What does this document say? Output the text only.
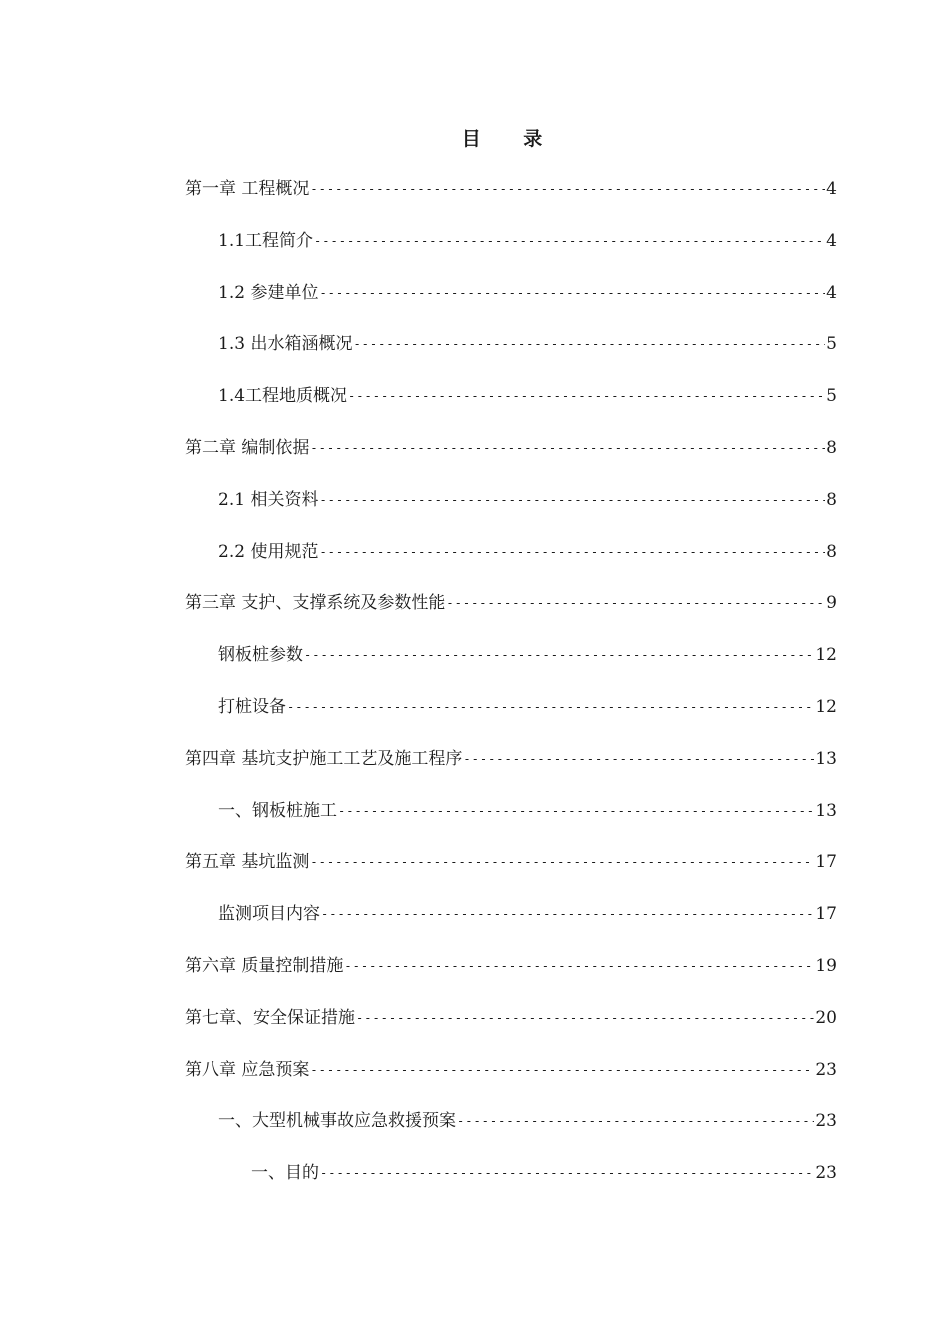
目 录
第一章 工程概况 -----	4
1.1工程简介 -----	4
1.2 参建单位 -----	4
1.3 出水箱涵概况 -----	5
1.4工程地质概况 -----	5
第二章 编制依据 -----	8
2.1 相关资料 -----	8
2.2 使用规范 -----	8
第三章 支护、支撑系统及参数性能 -----	9
钢板桩参数 -----	12
打桩设备 -----	12
第四章 基坑支护施工工艺及施工程序 -----	13
一、钢板桩施工 -----	13
第五章 基坑监测 -----	17
监测项目内容 -----	17
第六章 质量控制措施 -----	19
第七章、安全保证措施 -----	20
第八章 应急预案 -----	23
一、大型机械事故应急救援预案 -----	23
一、目的 -----	23
